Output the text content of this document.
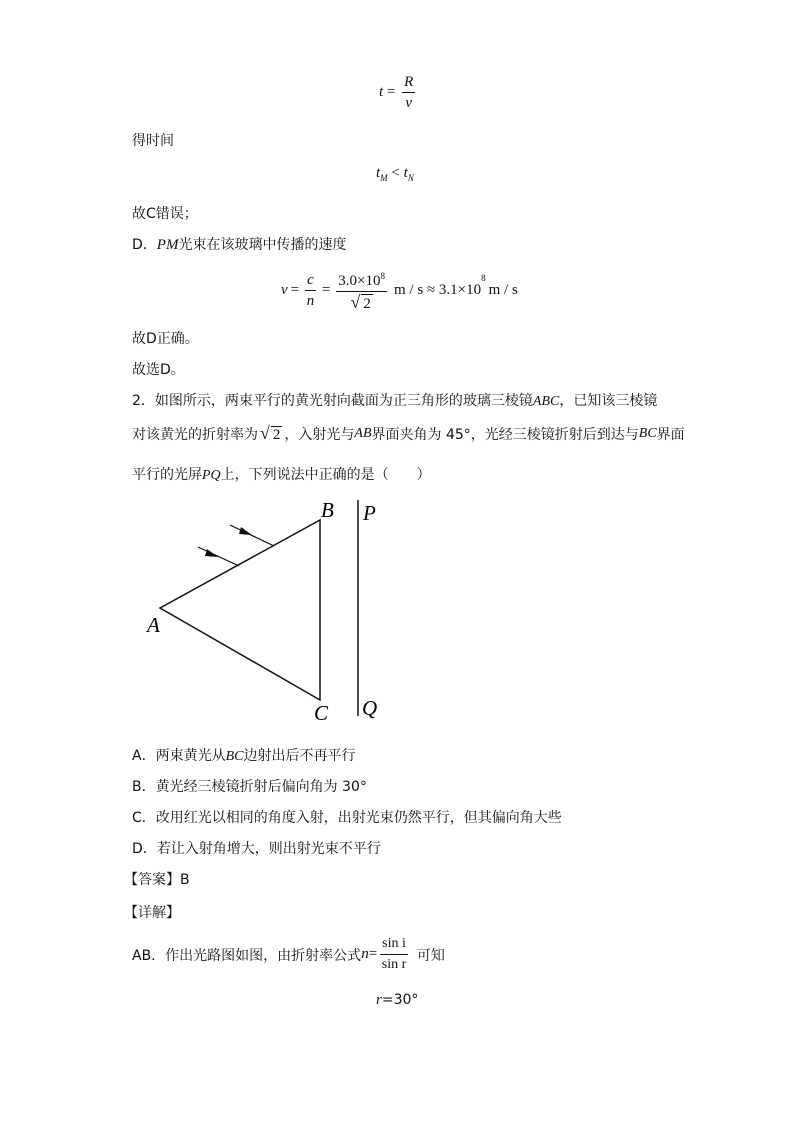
$t = \frac{R}{v}$
得时间
$t_M < t_N$
故C错误；
D．PM光束在该玻璃中传播的速度
$v = \frac{c}{n} = \frac{3.0\times 10^8}{√ 2}$ m / s ≈ 3.1×10
$^8$
m / s
故D正确。
故选D。
2．如图所示，两束平行的黄光射向截面为正三角形的玻璃三棱镜ABC，已知该三棱镜
对该黄光的折射率为 √ 2 ，入射光与 AB 界面夹角为 45°，光经三棱镜折射后到达与 BC 界面
平行的光屏PQ上，下列说法中正确的是（　　）
A
B
C
P
Q
A．两束黄光从BC边射出后不再平行
B．黄光经三棱镜折射后偏向角为 30°
C．改用红光以相同的角度入射，出射光束仍然平行，但其偏向角大些
D．若让入射角增大，则出射光束不平行
【答案】B
【详解】
AB．作出光路图如图，由折射率公式 $n = \frac{\text{sin i}}{\text{sin r}}$ 可知
r=30°
